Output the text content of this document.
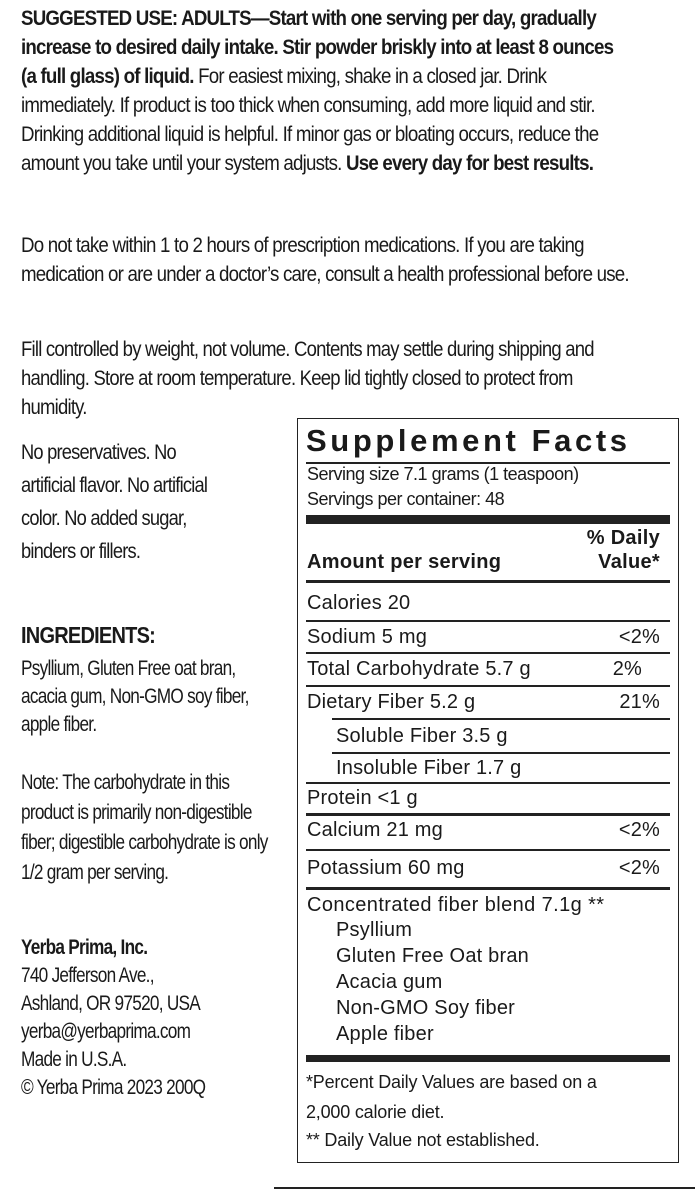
SUGGESTED USE: ADULTS—Start with one serving per day, gradually increase to desired daily intake. Stir powder briskly into at least 8 ounces (a full glass) of liquid. For easiest mixing, shake in a closed jar. Drink immediately. If product is too thick when consuming, add more liquid and stir. Drinking additional liquid is helpful. If minor gas or bloating occurs, reduce the amount you take until your system adjusts. Use every day for best results.
Do not take within 1 to 2 hours of prescription medications. If you are taking medication or are under a doctor’s care, consult a health professional before use.
Fill controlled by weight, not volume. Contents may settle during shipping and handling. Store at room temperature. Keep lid tightly closed to protect from humidity.
No preservatives. No artificial flavor. No artificial color. No added sugar, binders or fillers.
INGREDIENTS:
Psyllium, Gluten Free oat bran, acacia gum, Non-GMO soy fiber, apple fiber.
Note: The carbohydrate in this product is primarily non-digestible fiber; digestible carbohydrate is only 1/2 gram per serving.
Yerba Prima, Inc.
740 Jefferson Ave.,
Ashland, OR 97520, USA
yerba@yerbaprima.com
Made in U.S.A.
© Yerba Prima 2023 200Q
Supplement Facts
Serving size 7.1 grams (1 teaspoon)
Servings per container: 48
% Daily
Value*
Amount per serving
Calories 20
Sodium 5 mg	<2%
Total Carbohydrate 5.7 g	2%
Dietary Fiber 5.2 g	21%
Soluble Fiber 3.5 g
Insoluble Fiber 1.7 g
Protein <1 g
Calcium 21 mg	<2%
Potassium 60 mg	<2%
Concentrated fiber blend 7.1g **
Psyllium
Gluten Free Oat bran
Acacia gum
Non-GMO Soy fiber
Apple fiber
*Percent Daily Values are based on a
2,000 calorie diet.
** Daily Value not established.
